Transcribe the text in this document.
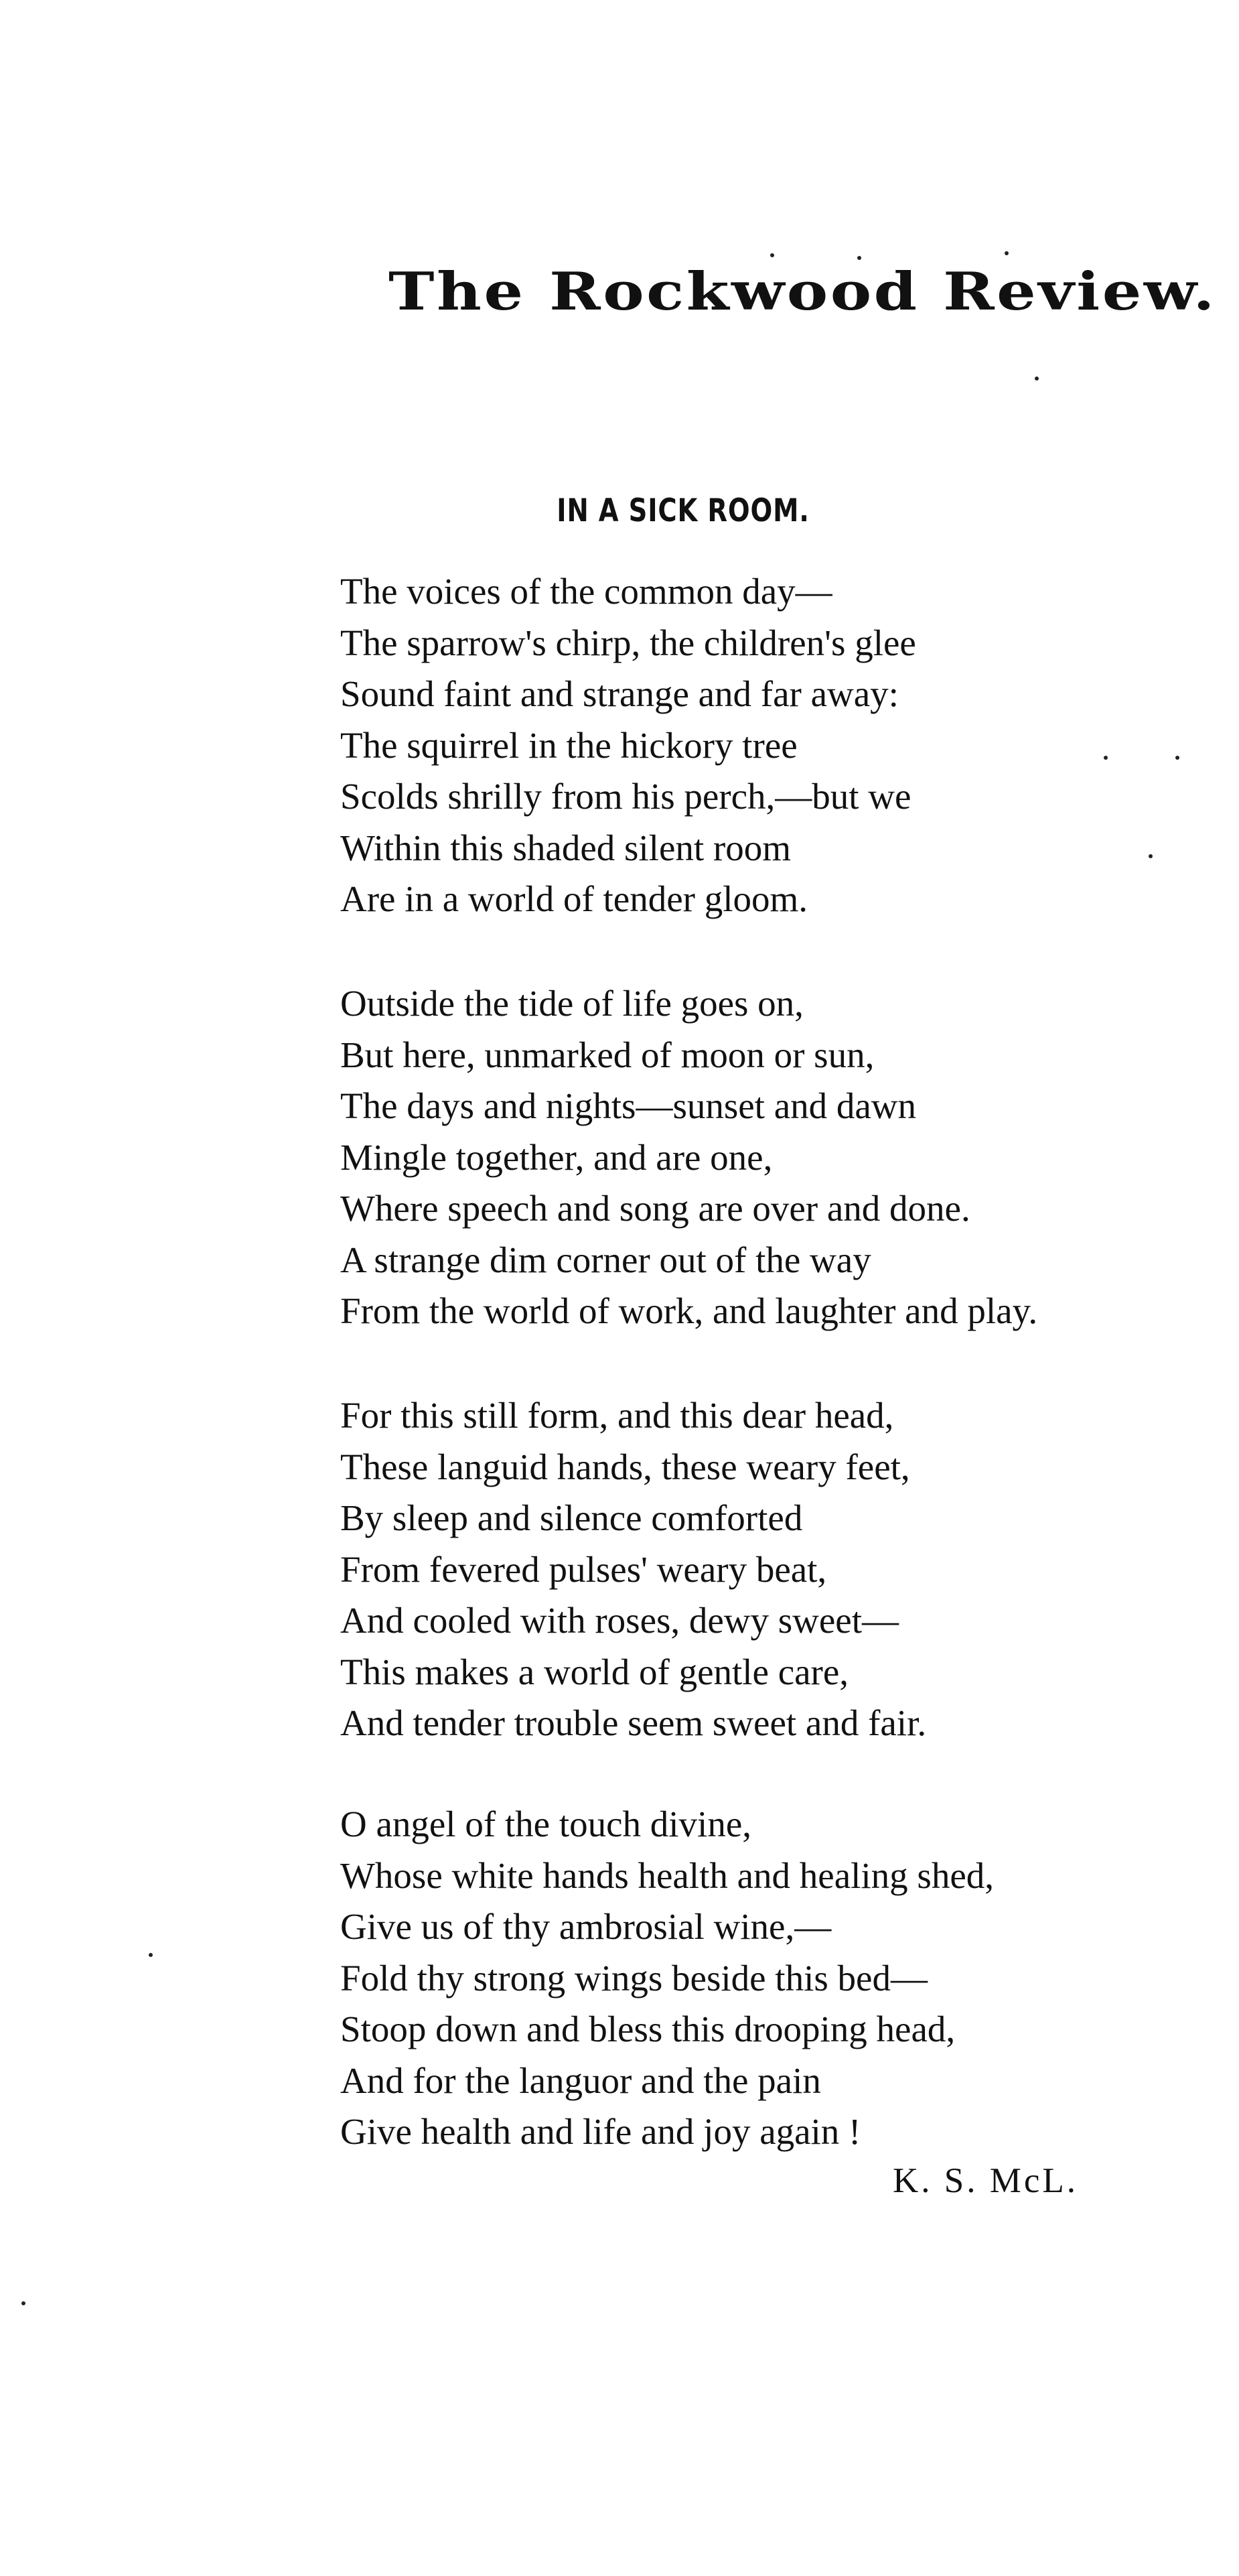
The Rockwood Review.
IN A SICK ROOM.
The voices of the common day—
The sparrow's chirp, the children's glee
Sound faint and strange and far away:
The squirrel in the hickory tree
Scolds shrilly from his perch,—but we
Within this shaded silent room
Are in a world of tender gloom.
Outside the tide of life goes on,
But here, unmarked of moon or sun,
The days and nights—sunset and dawn
Mingle together, and are one,
Where speech and song are over and done.
A strange dim corner out of the way
From the world of work, and laughter and play.
For this still form, and this dear head,
These languid hands, these weary feet,
By sleep and silence comforted
From fevered pulses' weary beat,
And cooled with roses, dewy sweet—
This makes a world of gentle care,
And tender trouble seem sweet and fair.
O angel of the touch divine,
Whose white hands health and healing shed,
Give us of thy ambrosial wine,—
Fold thy strong wings beside this bed—
Stoop down and bless this drooping head,
And for the languor and the pain
Give health and life and joy again !
K. S. McL.
